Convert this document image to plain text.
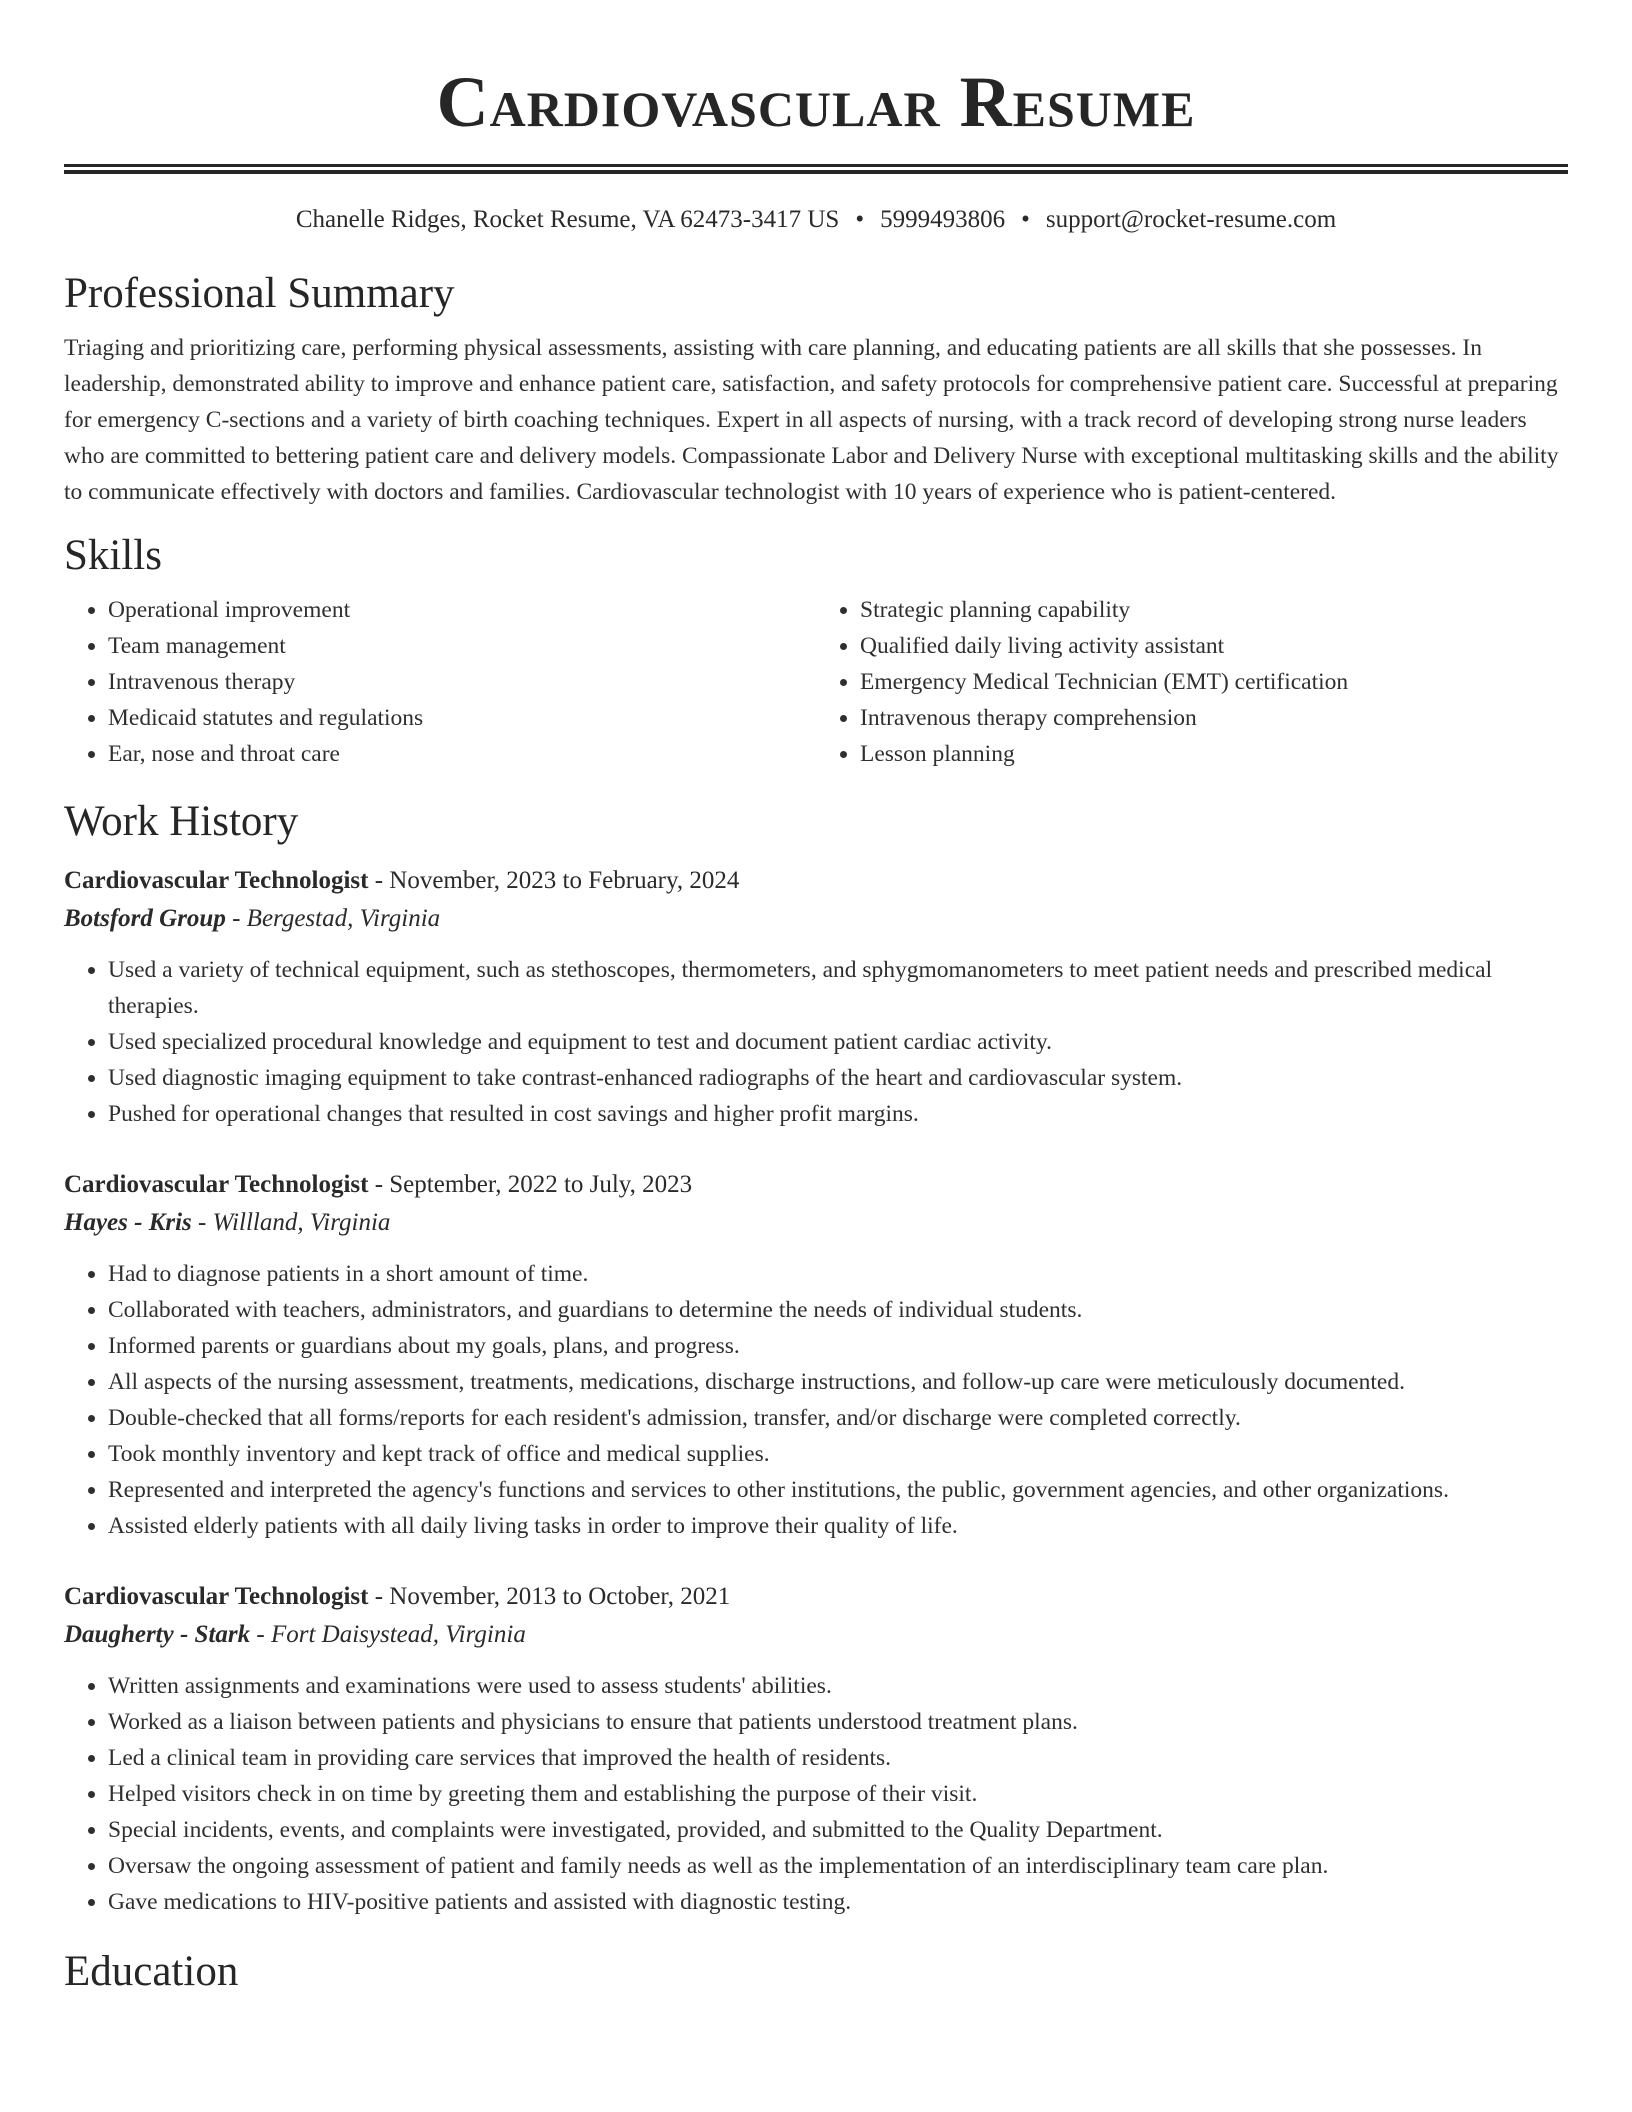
Cardiovascular Resume
Chanelle Ridges, Rocket Resume, VA 62473-3417 US • 5999493806 • support@rocket-resume.com
Professional Summary
Triaging and prioritizing care, performing physical assessments, assisting with care planning, and educating patients are all skills that she possesses. In leadership, demonstrated ability to improve and enhance patient care, satisfaction, and safety protocols for comprehensive patient care. Successful at preparing for emergency C-sections and a variety of birth coaching techniques. Expert in all aspects of nursing, with a track record of developing strong nurse leaders who are committed to bettering patient care and delivery models. Compassionate Labor and Delivery Nurse with exceptional multitasking skills and the ability to communicate effectively with doctors and families. Cardiovascular technologist with 10 years of experience who is patient-centered.
Skills
• Operational improvement
• Team management
• Intravenous therapy
• Medicaid statutes and regulations
• Ear, nose and throat care
• Strategic planning capability
• Qualified daily living activity assistant
• Emergency Medical Technician (EMT) certification
• Intravenous therapy comprehension
• Lesson planning
Work History
Cardiovascular Technologist - November, 2023 to February, 2024
Botsford Group - Bergestad, Virginia
• Used a variety of technical equipment, such as stethoscopes, thermometers, and sphygmomanometers to meet patient needs and prescribed medical therapies.
• Used specialized procedural knowledge and equipment to test and document patient cardiac activity.
• Used diagnostic imaging equipment to take contrast-enhanced radiographs of the heart and cardiovascular system.
• Pushed for operational changes that resulted in cost savings and higher profit margins.
Cardiovascular Technologist - September, 2022 to July, 2023
Hayes - Kris - Willland, Virginia
• Had to diagnose patients in a short amount of time.
• Collaborated with teachers, administrators, and guardians to determine the needs of individual students.
• Informed parents or guardians about my goals, plans, and progress.
• All aspects of the nursing assessment, treatments, medications, discharge instructions, and follow-up care were meticulously documented.
• Double-checked that all forms/reports for each resident's admission, transfer, and/or discharge were completed correctly.
• Took monthly inventory and kept track of office and medical supplies.
• Represented and interpreted the agency's functions and services to other institutions, the public, government agencies, and other organizations.
• Assisted elderly patients with all daily living tasks in order to improve their quality of life.
Cardiovascular Technologist - November, 2013 to October, 2021
Daugherty - Stark - Fort Daisystead, Virginia
• Written assignments and examinations were used to assess students' abilities.
• Worked as a liaison between patients and physicians to ensure that patients understood treatment plans.
• Led a clinical team in providing care services that improved the health of residents.
• Helped visitors check in on time by greeting them and establishing the purpose of their visit.
• Special incidents, events, and complaints were investigated, provided, and submitted to the Quality Department.
• Oversaw the ongoing assessment of patient and family needs as well as the implementation of an interdisciplinary team care plan.
• Gave medications to HIV-positive patients and assisted with diagnostic testing.
Education
